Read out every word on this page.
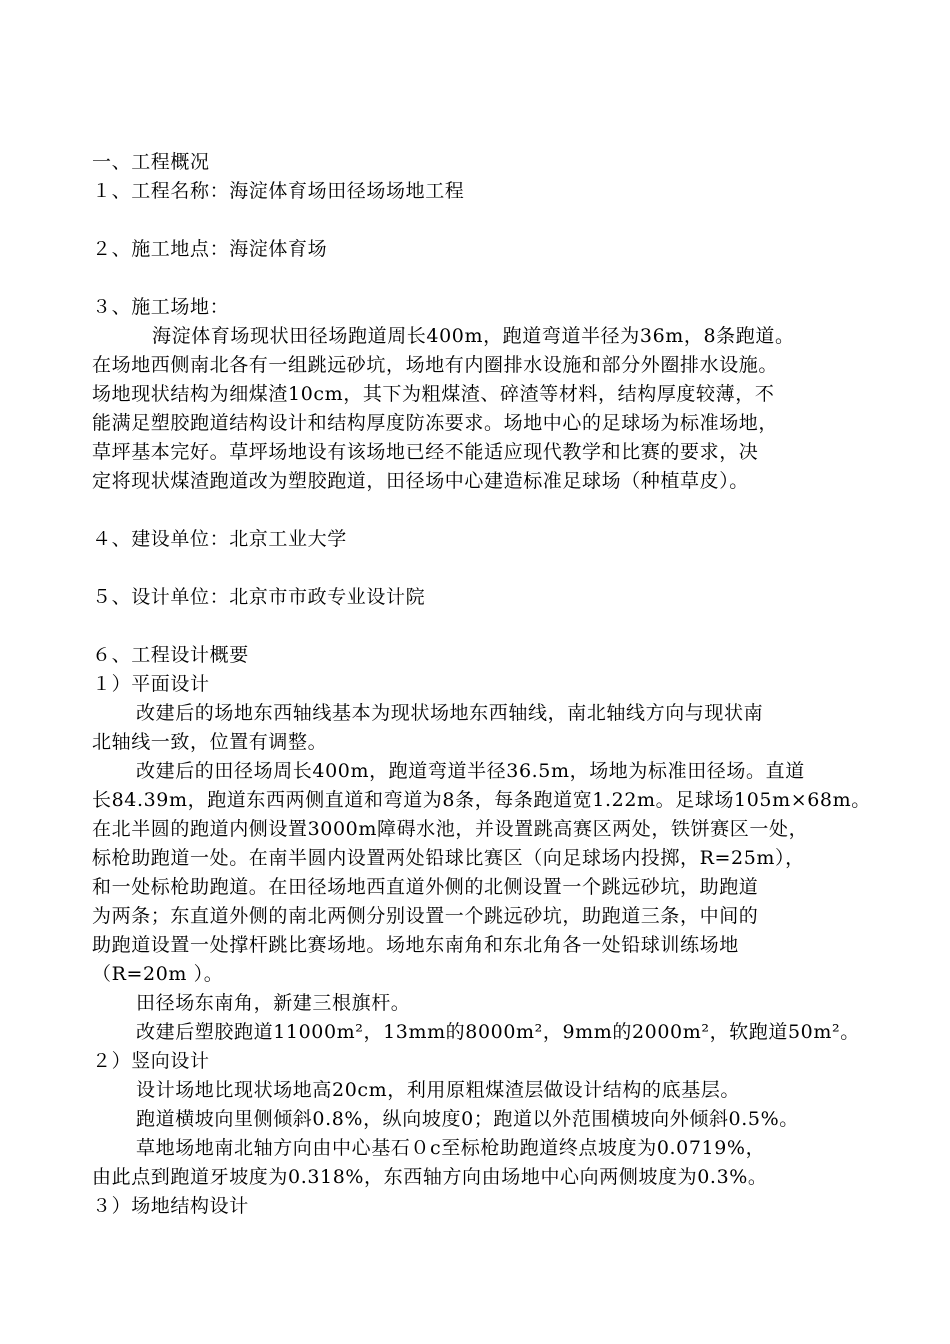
一、工程概况
１、工程名称：海淀体育场田径场场地工程
２、施工地点：海淀体育场
３、施工场地：
海淀体育场现状田径场跑道周长400m，跑道弯道半径为36m，8条跑道。
在场地西侧南北各有一组跳远砂坑，场地有内圈排水设施和部分外圈排水设施。
场地现状结构为细煤渣10cm，其下为粗煤渣、碎渣等材料，结构厚度较薄，不
能满足塑胶跑道结构设计和结构厚度防冻要求。场地中心的足球场为标准场地，
草坪基本完好。草坪场地设有该场地已经不能适应现代教学和比赛的要求，决
定将现状煤渣跑道改为塑胶跑道，田径场中心建造标准足球场（种植草皮）。
４、建设单位：北京工业大学
５、设计单位：北京市市政专业设计院
６、工程设计概要
１）平面设计
改建后的场地东西轴线基本为现状场地东西轴线，南北轴线方向与现状南
北轴线一致，位置有调整。
改建后的田径场周长400m，跑道弯道半径36.5m，场地为标准田径场。直道
长84.39m，跑道东西两侧直道和弯道为8条，每条跑道宽1.22m。足球场105m×68m。
在北半圆的跑道内侧设置3000m障碍水池，并设置跳高赛区两处，铁饼赛区一处，
标枪助跑道一处。在南半圆内设置两处铅球比赛区（向足球场内投掷，R=25m），
和一处标枪助跑道。在田径场地西直道外侧的北侧设置一个跳远砂坑，助跑道
为两条；东直道外侧的南北两侧分别设置一个跳远砂坑，助跑道三条，中间的
助跑道设置一处撑杆跳比赛场地。场地东南角和东北角各一处铅球训练场地
（R=20m ）。
田径场东南角，新建三根旗杆。
改建后塑胶跑道11000m²，13mm的8000m²，9mm的2000m²，软跑道50m²。
２）竖向设计
设计场地比现状场地高20cm，利用原粗煤渣层做设计结构的底基层。
跑道横坡向里侧倾斜0.8%，纵向坡度0；跑道以外范围横坡向外倾斜0.5%。
草地场地南北轴方向由中心基石０c至标枪助跑道终点坡度为0.0719%，
由此点到跑道牙坡度为0.318%，东西轴方向由场地中心向两侧坡度为0.3%。
３）场地结构设计
